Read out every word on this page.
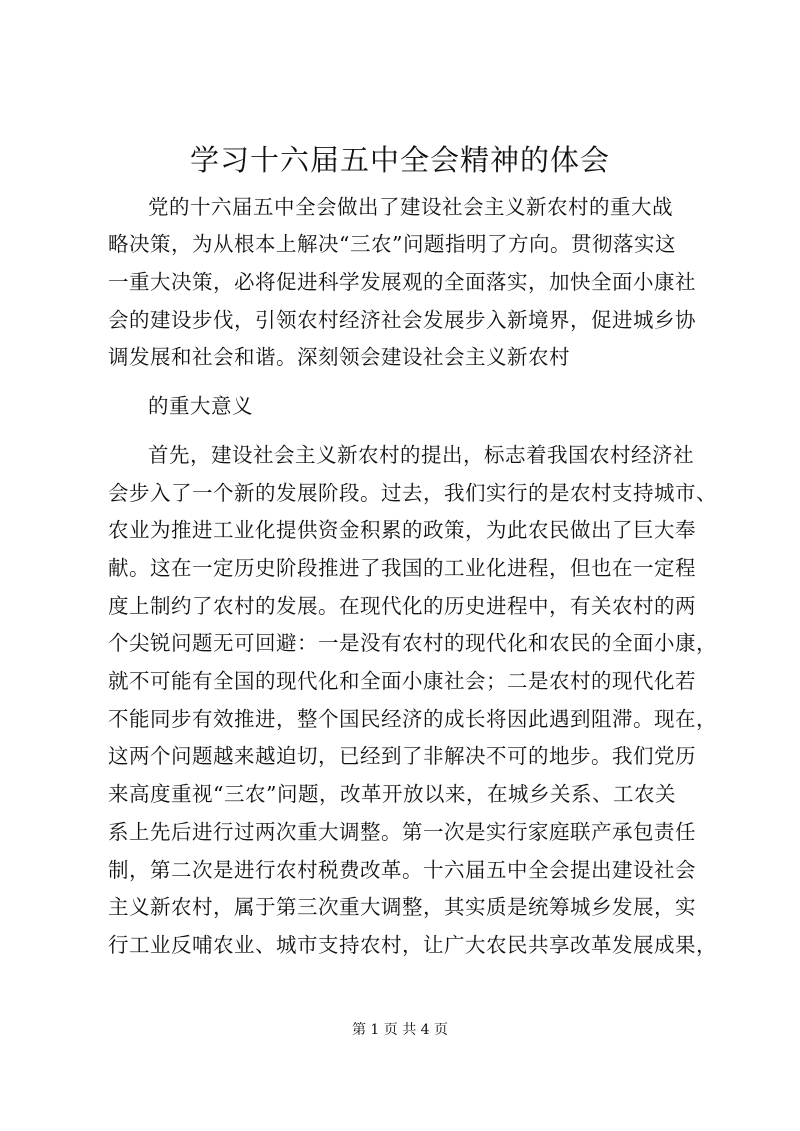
学习十六届五中全会精神的体会
党的十六届五中全会做出了建设社会主义新农村的重大战
略决策，为从根本上解决“三农”问题指明了方向。贯彻落实这
一重大决策，必将促进科学发展观的全面落实，加快全面小康社
会的建设步伐，引领农村经济社会发展步入新境界，促进城乡协
调发展和社会和谐。深刻领会建设社会主义新农村
的重大意义
首先，建设社会主义新农村的提出，标志着我国农村经济社
会步入了一个新的发展阶段。过去，我们实行的是农村支持城市、
农业为推进工业化提供资金积累的政策，为此农民做出了巨大奉
献。这在一定历史阶段推进了我国的工业化进程，但也在一定程
度上制约了农村的发展。在现代化的历史进程中，有关农村的两
个尖锐问题无可回避：一是没有农村的现代化和农民的全面小康，
就不可能有全国的现代化和全面小康社会；二是农村的现代化若
不能同步有效推进，整个国民经济的成长将因此遇到阻滞。现在，
这两个问题越来越迫切，已经到了非解决不可的地步。我们党历
来高度重视“三农”问题，改革开放以来，在城乡关系、工农关
系上先后进行过两次重大调整。第一次是实行家庭联产承包责任
制，第二次是进行农村税费改革。十六届五中全会提出建设社会
主义新农村，属于第三次重大调整，其实质是统筹城乡发展，实
行工业反哺农业、城市支持农村，让广大农民共享改革发展成果，
第 1 页 共 4 页
